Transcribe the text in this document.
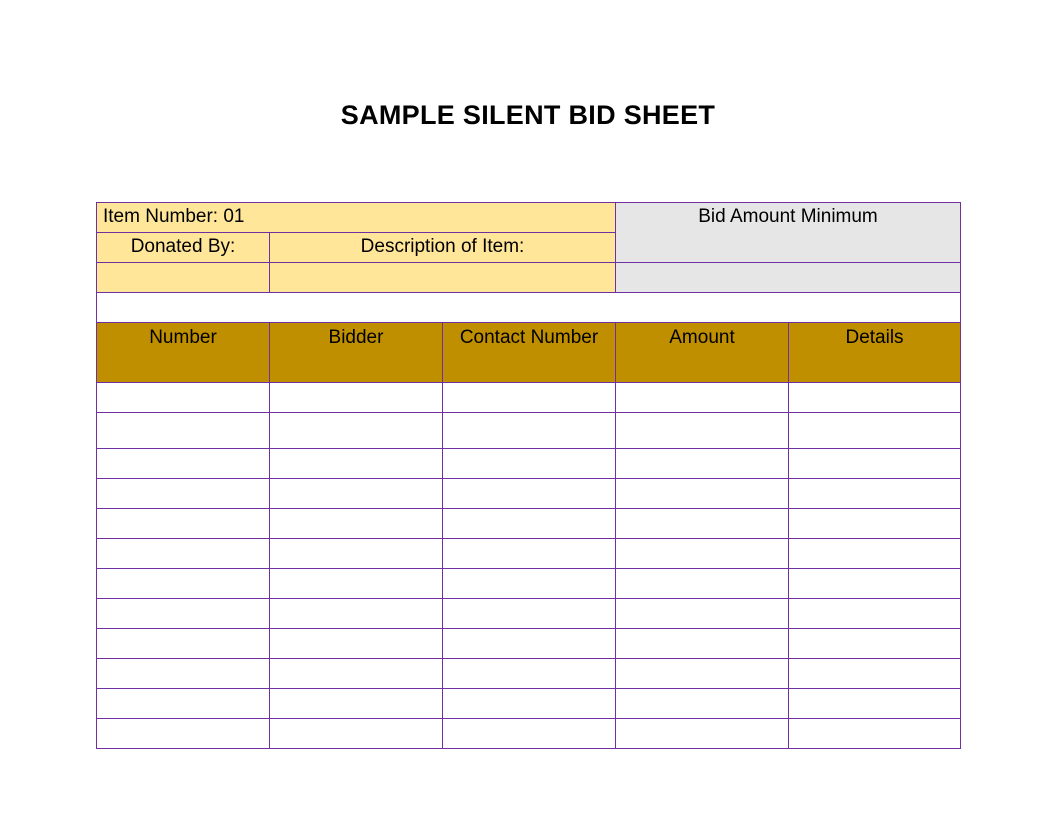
SAMPLE SILENT BID SHEET
Item Number: 01			Bid Amount Minimum	
Donated By:	Description of Item:			

Number	Bidder	Contact Number	Amount	Details
